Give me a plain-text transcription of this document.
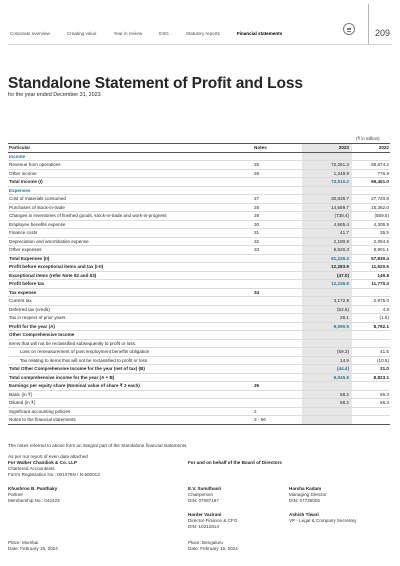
Corporate overview	Creating value	Year in review	ESG	Statutory reports	Financial statements	209
Standalone Statement of Profit and Loss
for the year ended December 31, 2023
(₹ in million)
Particular	Notes	2023	2022
Income			
Revenue from operations	25	72,261.3	68,674.2
Other income	26	1,248.9	776.8
Total Income (I)		73,510.2	69,451.0
Expenses			
Cost of materials consumed	27	30,836.7	27,720.8
Purchases of stock-in-trade	28	14,689.7	15,362.0
Changes in inventories of finished goods, stock-in-trade and work-in-progress	29	(738.4)	(559.5)
Employee benefits expense	30	4,565.4	4,305.9
Finance costs	31	41.7	35.5
Depreciation and amortisation expense	32	2,190.9	2,064.6
Other expenses	33	9,626.3	8,901.1
Total Expenses (II)		61,226.3	57,830.4
Profit before exceptional items and tax (I-II)		12,283.9	11,620.6
Exceptional items (refer Note 52 and 53)		(47.0)	149.8
Profit before tax		12,236.9	11,770.4
Tax expense	34		
Current tax		3,172.9	2,975.0
Deferred tax (credit)		(52.6)	4.8
Tax in respect of prior years		26.1	(1.5)
Profit for the year (A)		9,090.5	8,792.1
Other Comprehensive Income			
Items that will not be reclassified subsequently to profit or loss:			
Loss on remeasurement of post employment benefits obligation		(59.3)	41.5
Tax relating to items that will not be reclassified to profit or loss		14.9	(10.5)
Total Other Comprehensive Income for the year (net of tax) (B)		(44.4)	31.0
Total comprehensive income for the year (A + B)		9,045.9	8,823.1
Earnings per equity share (Nominal value of share ₹ 2 each)	35		
Basic (in ₹)		58.2	56.3
Diluted (in ₹)		58.2	56.3
Significant accounting policies	2		
Notes to the financial statements	3 - 56		
The notes referred to above form an integral part of the Standalone financial statements.
As per our report of even date attached
For Walker Chandiok & Co. LLP
Chartered Accountants
Firm's Registration No.: 001076N / N-500013
For and on behalf of the Board of Directors
Khushroo B. Panthaky
Partner
Membership No.: 042423
E.V. Sumithasri
Chairperson
DIN: 07087197
Harsha Kadam
Managing Director
DIN: 07736005
Harder Vazirani
Director-Finance & CFO
DIN: 10212814
Ashish Tiwari
VP - Legal & Company Secretary
Place: Mumbai
Date: February 16, 2024
Place: Bengaluru
Date: February 16, 2024
